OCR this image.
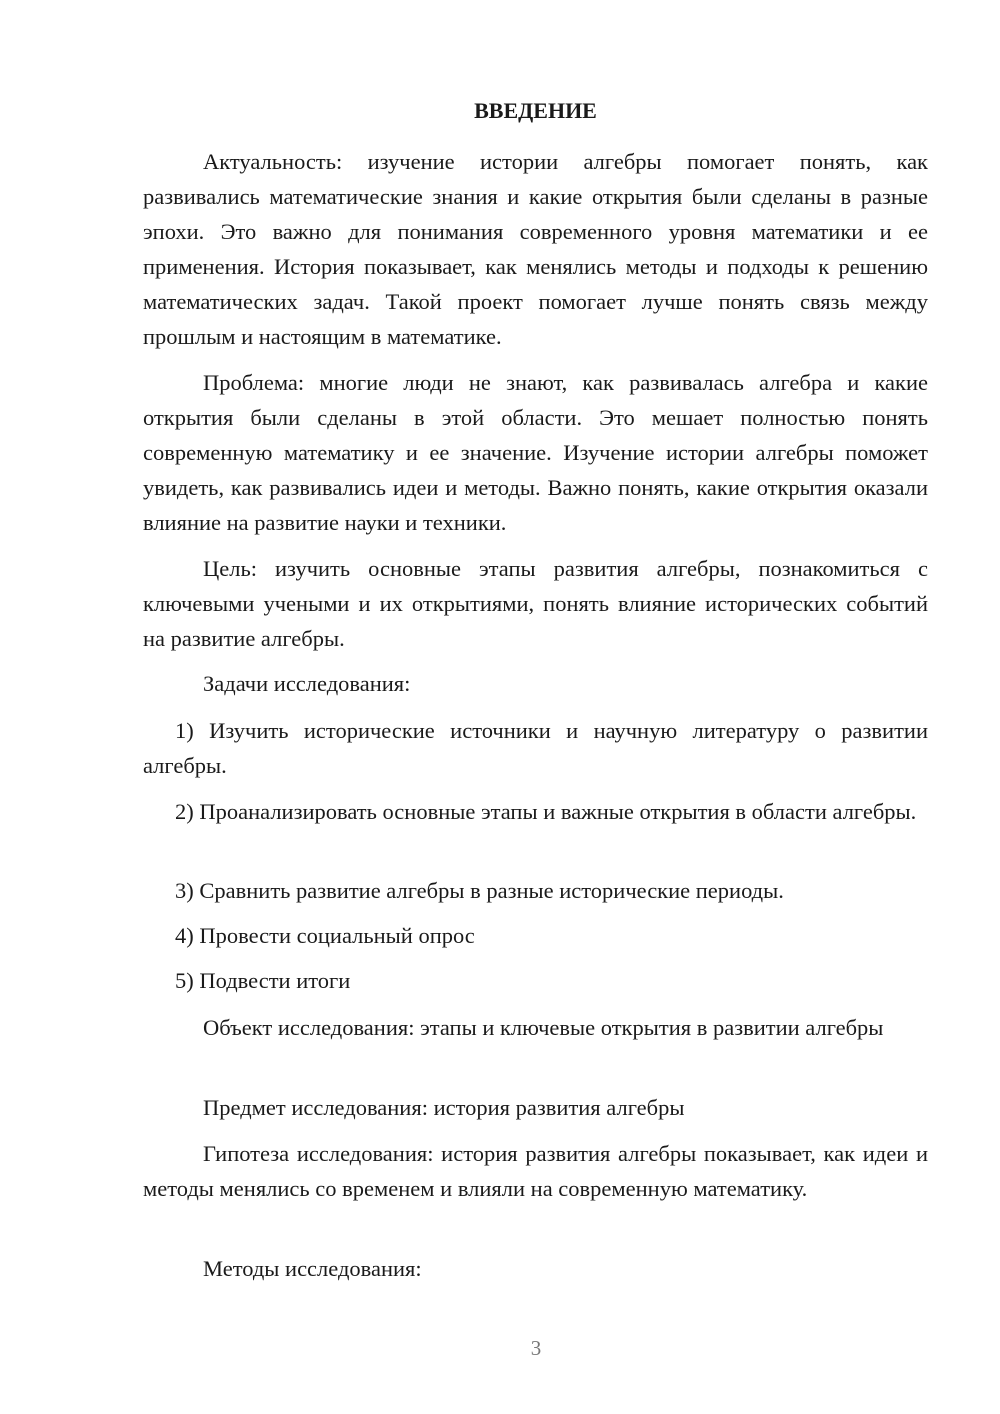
ВВЕДЕНИЕ

Актуальность: изучение истории алгебры помогает понять, как развивались математические знания и какие открытия были сделаны в разные эпохи. Это важно для понимания современного уровня математики и ее применения. История показывает, как менялись методы и подходы к решению математических задач. Такой проект помогает лучше понять связь между прошлым и настоящим в математике.

Проблема: многие люди не знают, как развивалась алгебра и какие открытия были сделаны в этой области. Это мешает полностью понять современную математику и ее значение. Изучение истории алгебры поможет увидеть, как развивались идеи и методы. Важно понять, какие открытия оказали влияние на развитие науки и техники.

Цель: изучить основные этапы развития алгебры, познакомиться с ключевыми учеными и их открытиями, понять влияние исторических событий на развитие алгебры.

Задачи исследования:

1) Изучить исторические источники и научную литературу о развитии алгебры.

2) Проанализировать основные этапы и важные открытия в области алгебры.

3) Сравнить развитие алгебры в разные исторические периоды.

4) Провести социальный опрос

5) Подвести итоги

Объект исследования: этапы и ключевые открытия в развитии алгебры

Предмет исследования: история развития алгебры

Гипотеза исследования: история развития алгебры показывает, как идеи и методы менялись со временем и влияли на современную математику.

Методы исследования:

3
